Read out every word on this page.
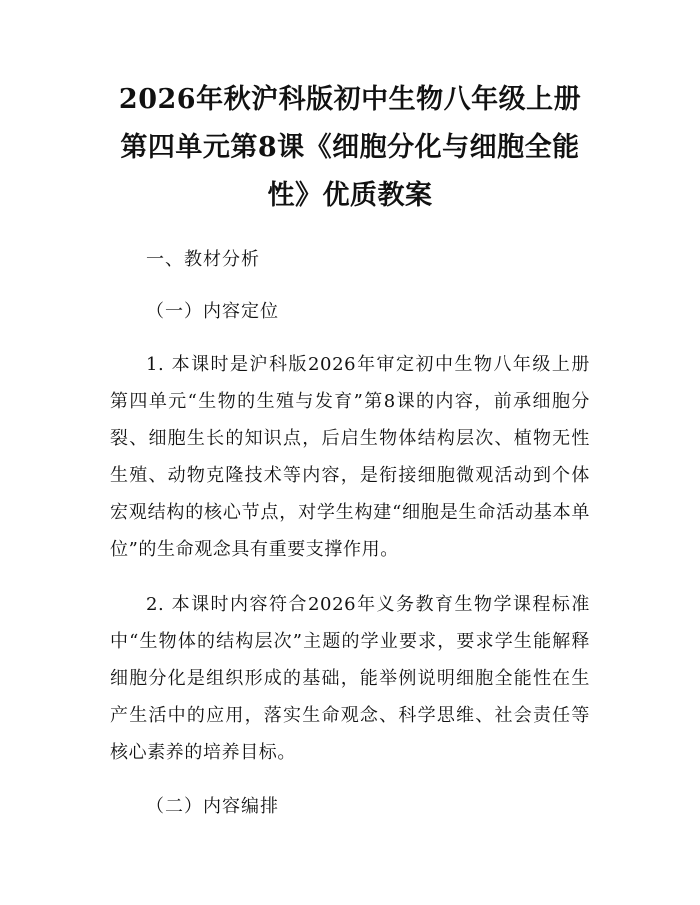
2026年秋沪科版初中生物八年级上册第四单元第8课《细胞分化与细胞全能性》优质教案

一、教材分析

（一）内容定位

1. 本课时是沪科版2026年审定初中生物八年级上册第四单元“生物的生殖与发育”第8课的内容，前承细胞分裂、细胞生长的知识点，后启生物体结构层次、植物无性生殖、动物克隆技术等内容，是衔接细胞微观活动到个体宏观结构的核心节点，对学生构建“细胞是生命活动基本单位”的生命观念具有重要支撑作用。

2. 本课时内容符合2026年义务教育生物学课程标准中“生物体的结构层次”主题的学业要求，要求学生能解释细胞分化是组织形成的基础，能举例说明细胞全能性在生产生活中的应用，落实生命观念、科学思维、社会责任等核心素养的培养目标。

（二）内容编排
